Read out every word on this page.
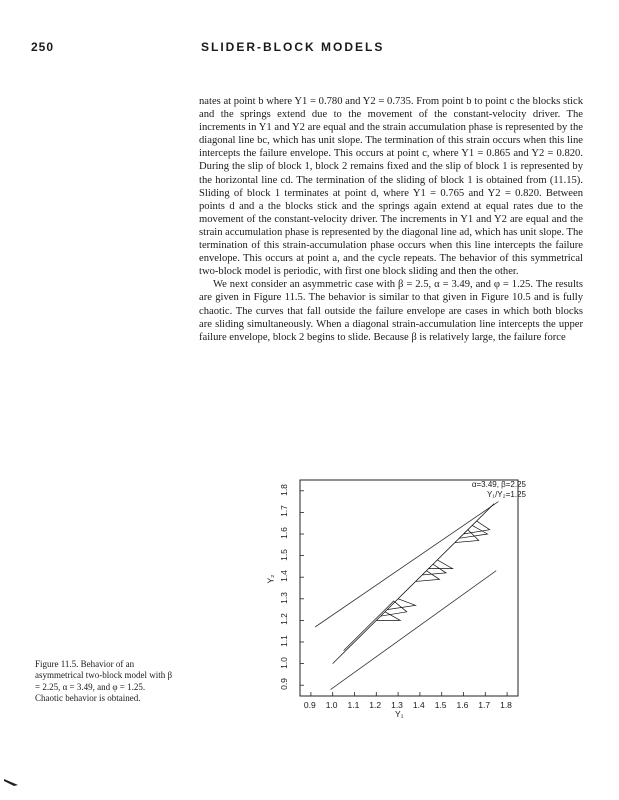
250	SLIDER-BLOCK MODELS

nates at point b where Y1 = 0.780 and Y2 = 0.735. From point b to point c the blocks stick and the springs extend due to the movement of the constant-velocity driver. The increments in Y1 and Y2 are equal and the strain accumulation phase is represented by the diagonal line bc, which has unit slope. The termination of this strain occurs when this line intercepts the failure envelope. This occurs at point c, where Y1 = 0.865 and Y2 = 0.820. During the slip of block 1, block 2 remains fixed and the slip of block 1 is represented by the horizontal line cd. The termination of the sliding of block 1 is obtained from (11.15). Sliding of block 1 terminates at point d, where Y1 = 0.765 and Y2 = 0.820. Between points d and a the blocks stick and the springs again extend at equal rates due to the movement of the constant-velocity driver. The increments in Y1 and Y2 are equal and the strain accumulation phase is represented by the diagonal line ad, which has unit slope. The termination of this strain-accumulation phase occurs when this line intercepts the failure envelope. This occurs at point a, and the cycle repeats. The behavior of this symmetrical two-block model is periodic, with first one block sliding and then the other.

We next consider an asymmetric case with β = 2.5, α = 3.49, and φ = 1.25. The results are given in Figure 11.5. The behavior is similar to that given in Figure 10.5 and is fully chaotic. The curves that fall outside the failure envelope are cases in which both blocks are sliding simultaneously. When a diagonal strain-accumulation line intercepts the upper failure envelope, block 2 begins to slide. Because β is relatively large, the failure force

Figure 11.5. Behavior of an asymmetrical two-block model with β = 2.25, α = 3.49, and φ = 1.25. Chaotic behavior is obtained.
0.9
1.0
1.1
1.2
1.3
1.4
1.5
1.6
1.7
1.8
0.9 1.0 1.1 1.2 1.3 1.4 1.5 1.6 1.7 1.8
Y₂
Y₁
α=3.49, β=2.25
Y₁/Y₂=1.25
